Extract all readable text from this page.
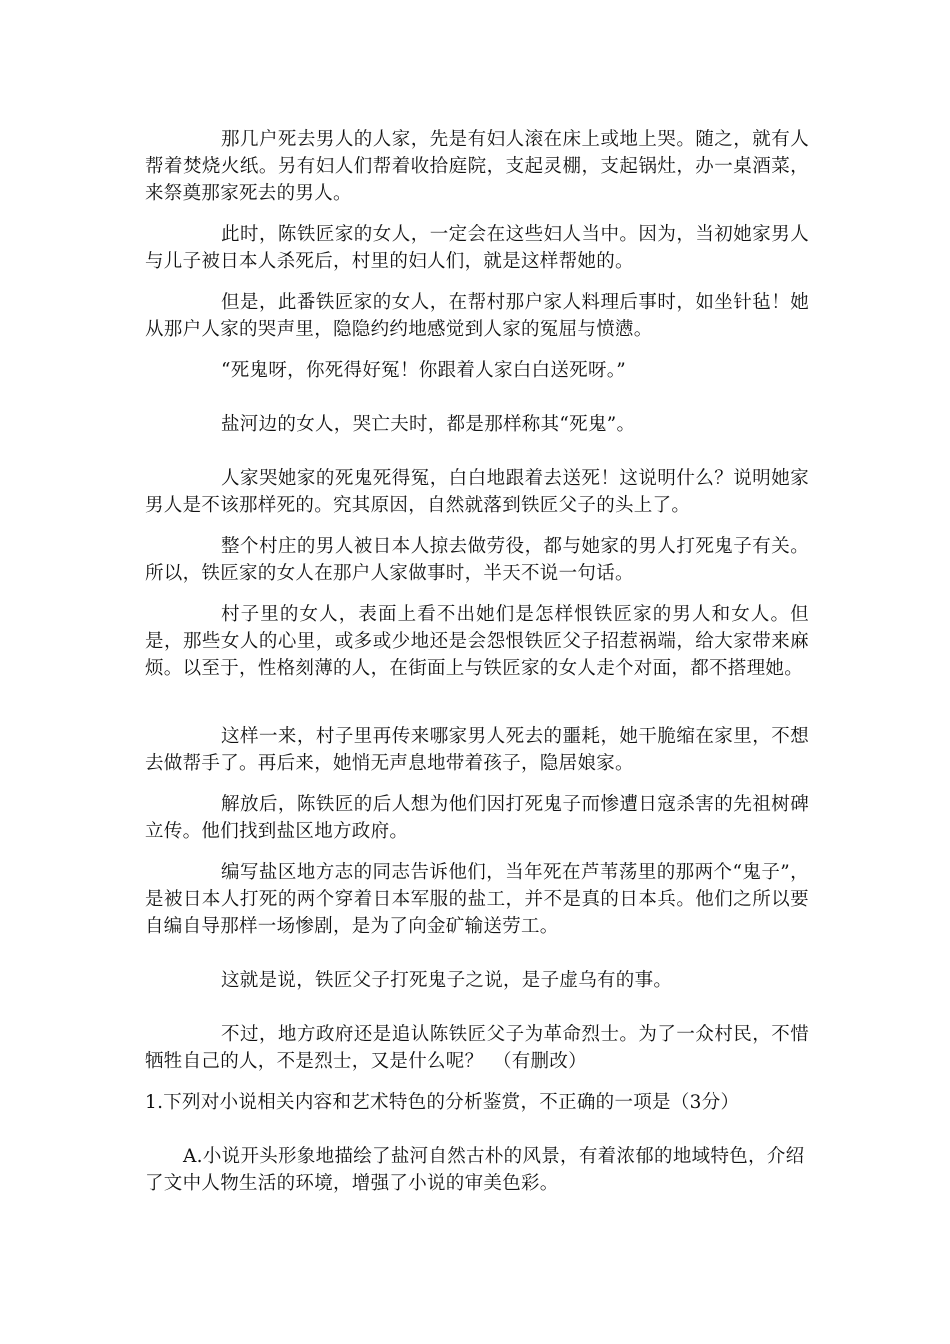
那几户死去男人的人家，先是有妇人滚在床上或地上哭。随之，就有人帮着焚烧火纸。另有妇人们帮着收拾庭院，支起灵棚，支起锅灶，办一桌酒菜，来祭奠那家死去的男人。

此时，陈铁匠家的女人，一定会在这些妇人当中。因为，当初她家男人与儿子被日本人杀死后，村里的妇人们，就是这样帮她的。

但是，此番铁匠家的女人，在帮村那户家人料理后事时，如坐针毡！她从那户人家的哭声里，隐隐约约地感觉到人家的冤屈与愤懑。

“死鬼呀，你死得好冤！你跟着人家白白送死呀。”

盐河边的女人，哭亡夫时，都是那样称其“死鬼”。

人家哭她家的死鬼死得冤，白白地跟着去送死！这说明什么？说明她家男人是不该那样死的。究其原因，自然就落到铁匠父子的头上了。

整个村庄的男人被日本人掠去做劳役，都与她家的男人打死鬼子有关。所以，铁匠家的女人在那户人家做事时，半天不说一句话。

村子里的女人，表面上看不出她们是怎样恨铁匠家的男人和女人。但是，那些女人的心里，或多或少地还是会怨恨铁匠父子招惹祸端，给大家带来麻烦。以至于，性格刻薄的人，在街面上与铁匠家的女人走个对面，都不搭理她。

这样一来，村子里再传来哪家男人死去的噩耗，她干脆缩在家里，不想去做帮手了。再后来，她悄无声息地带着孩子，隐居娘家。

解放后，陈铁匠的后人想为他们因打死鬼子而惨遭日寇杀害的先祖树碑立传。他们找到盐区地方政府。

编写盐区地方志的同志告诉他们，当年死在芦苇荡里的那两个“鬼子”，是被日本人打死的两个穿着日本军服的盐工，并不是真的日本兵。他们之所以要自编自导那样一场惨剧，是为了向金矿输送劳工。

这就是说，铁匠父子打死鬼子之说，是子虚乌有的事。

不过，地方政府还是追认陈铁匠父子为革命烈士。为了一众村民，不惜牺牲自己的人，不是烈士，又是什么呢？　（有删改）

1.下列对小说相关内容和艺术特色的分析鉴赏，不正确的一项是（3分）

A.小说开头形象地描绘了盐河自然古朴的风景，有着浓郁的地域特色，介绍了文中人物生活的环境，增强了小说的审美色彩。
